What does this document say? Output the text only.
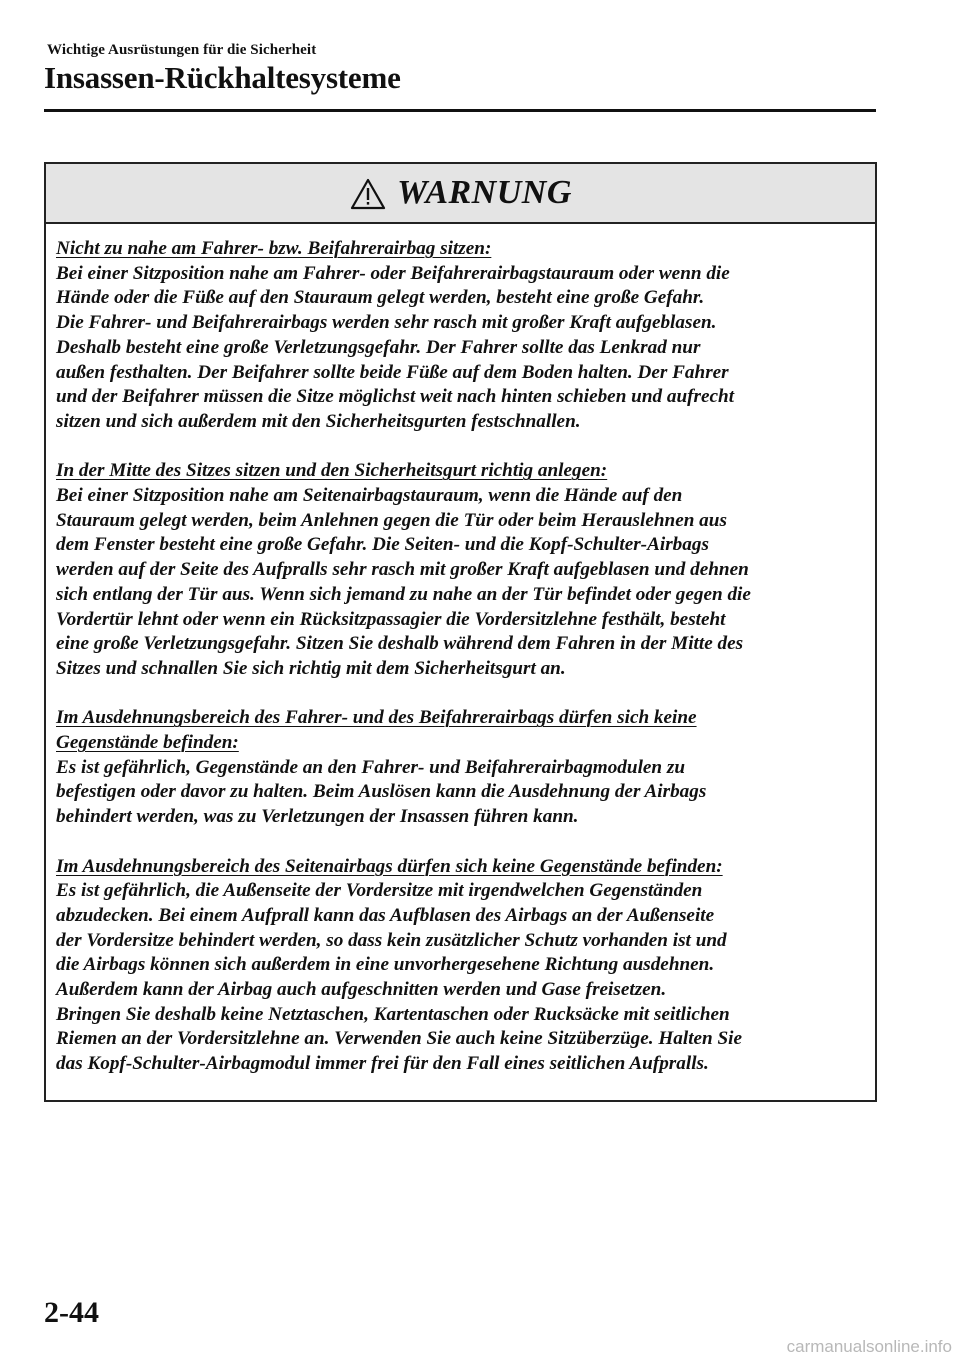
Wichtige Ausrüstungen für die Sicherheit
Insassen-Rückhaltesysteme
WARNUNG
Nicht zu nahe am Fahrer- bzw. Beifahrerairbag sitzen:
Bei einer Sitzposition nahe am Fahrer- oder Beifahrerairbagstauraum oder wenn die
Hände oder die Füße auf den Stauraum gelegt werden, besteht eine große Gefahr.
Die Fahrer- und Beifahrerairbags werden sehr rasch mit großer Kraft aufgeblasen.
Deshalb besteht eine große Verletzungsgefahr. Der Fahrer sollte das Lenkrad nur
außen festhalten. Der Beifahrer sollte beide Füße auf dem Boden halten. Der Fahrer
und der Beifahrer müssen die Sitze möglichst weit nach hinten schieben und aufrecht
sitzen und sich außerdem mit den Sicherheitsgurten festschnallen.
In der Mitte des Sitzes sitzen und den Sicherheitsgurt richtig anlegen:
Bei einer Sitzposition nahe am Seitenairbagstauraum, wenn die Hände auf den
Stauraum gelegt werden, beim Anlehnen gegen die Tür oder beim Herauslehnen aus
dem Fenster besteht eine große Gefahr. Die Seiten- und die Kopf-Schulter-Airbags
werden auf der Seite des Aufpralls sehr rasch mit großer Kraft aufgeblasen und dehnen
sich entlang der Tür aus. Wenn sich jemand zu nahe an der Tür befindet oder gegen die
Vordertür lehnt oder wenn ein Rücksitzpassagier die Vordersitzlehne festhält, besteht
eine große Verletzungsgefahr. Sitzen Sie deshalb während dem Fahren in der Mitte des
Sitzes und schnallen Sie sich richtig mit dem Sicherheitsgurt an.
Im Ausdehnungsbereich des Fahrer- und des Beifahrerairbags dürfen sich keine
Gegenstände befinden:
Es ist gefährlich, Gegenstände an den Fahrer- und Beifahrerairbagmodulen zu
befestigen oder davor zu halten. Beim Auslösen kann die Ausdehnung der Airbags
behindert werden, was zu Verletzungen der Insassen führen kann.
Im Ausdehnungsbereich des Seitenairbags dürfen sich keine Gegenstände befinden:
Es ist gefährlich, die Außenseite der Vordersitze mit irgendwelchen Gegenständen
abzudecken. Bei einem Aufprall kann das Aufblasen des Airbags an der Außenseite
der Vordersitze behindert werden, so dass kein zusätzlicher Schutz vorhanden ist und
die Airbags können sich außerdem in eine unvorhergesehene Richtung ausdehnen.
Außerdem kann der Airbag auch aufgeschnitten werden und Gase freisetzen.
Bringen Sie deshalb keine Netztaschen, Kartentaschen oder Rucksäcke mit seitlichen
Riemen an der Vordersitzlehne an. Verwenden Sie auch keine Sitzüberzüge. Halten Sie
das Kopf-Schulter-Airbagmodul immer frei für den Fall eines seitlichen Aufpralls.
2-44
carmanualsonline.info
